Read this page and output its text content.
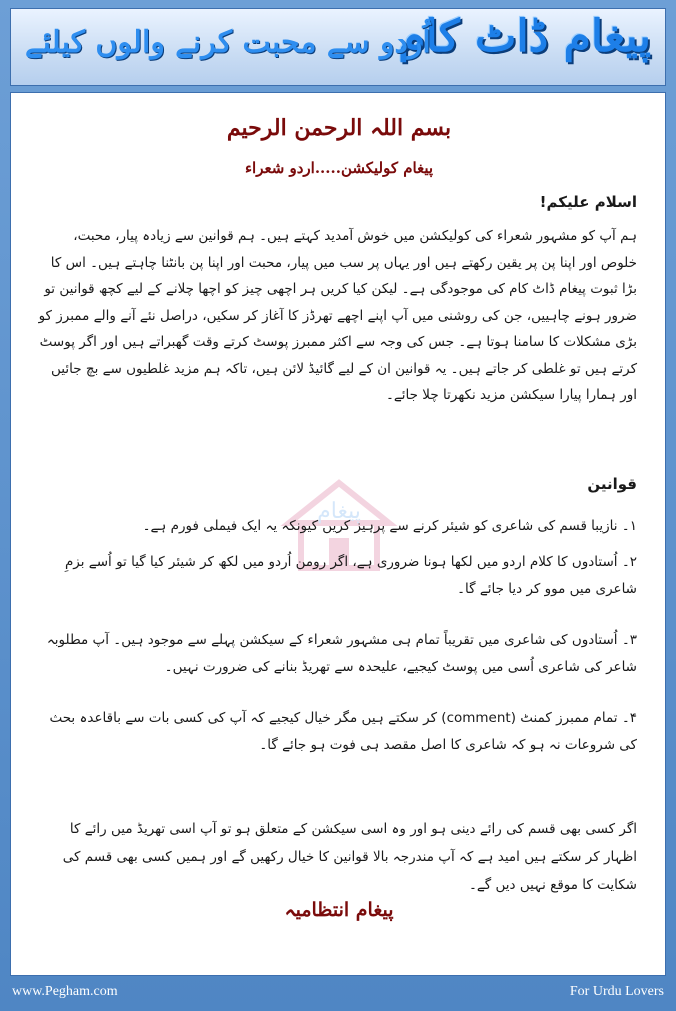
پیغام ڈاٹ کام
اُردو سے محبت کرنے والوں کیلئے
پیغام
بسم اللہ الرحمن الرحیم
پیغام کولیکشن.....اردو شعراء
اسلام علیکم!
ہم آپ کو مشہور شعراء کی کولیکشن میں خوش آمدید کہتے ہیں۔ ہم قوانین سے زیادہ پیار، محبت، خلوص اور اپنا پن پر یقین رکھتے ہیں اور یہاں پر سب میں پیار، محبت اور اپنا پن بانٹنا چاہتے ہیں۔ اس کا بڑا ثبوت پیغام ڈاٹ کام کی موجودگی ہے۔ لیکن کیا کریں ہر اچھی چیز کو اچھا چلانے کے لیے کچھ قوانین تو ضرور ہونے چاہییں، جن کی روشنی میں آپ اپنے اچھے تھرڈز کا آغاز کر سکیں، دراصل نئے آنے والے ممبرز کو بڑی مشکلات کا سامنا ہوتا ہے۔ جس کی وجہ سے اکثر ممبرز پوسٹ کرتے وقت گھبراتے ہیں اور اگر پوسٹ کرتے ہیں تو غلطی کر جاتے ہیں۔ یہ قوانین ان کے لیے گائیڈ لائن ہیں، تاکہ ہم مزید غلطیوں سے بچ جائیں اور ہمارا پیارا سیکشن مزید نکھرتا چلا جائے۔
قوانین
۱۔ نازیبا قسم کی شاعری کو شیئر کرنے سے پرہیز کریں کیونکہ یہ ایک فیملی فورم ہے۔
۲۔ اُستادوں کا کلام اردو میں لکھا ہونا ضروری ہے، اگر رومن اُردو میں لکھ کر شیئر کیا گیا تو اُسے بزمِ شاعری میں موو کر دیا جائے گا۔
۳۔ اُستادوں کی شاعری میں تقریباً تمام ہی مشہور شعراء کے سیکشن پہلے سے موجود ہیں۔ آپ مطلوبہ شاعر کی شاعری اُسی میں پوسٹ کیجیے، علیحدہ سے تھریڈ بنانے کی ضرورت نہیں۔
۴۔ تمام ممبرز کمنٹ (comment) کر سکتے ہیں مگر خیال کیجیے کہ آپ کی کسی بات سے باقاعدہ بحث کی شروعات نہ ہو کہ شاعری کا اصل مقصد ہی فوت ہو جائے گا۔
اگر کسی بھی قسم کی رائے دینی ہو اور وہ اسی سیکشن کے متعلق ہو تو آپ اسی تھریڈ میں رائے کا اظہار کر سکتے ہیں امید ہے کہ آپ مندرجہ بالا قوانین کا خیال رکھیں گے اور ہمیں کسی بھی قسم کی شکایت کا موقع نہیں دیں گے۔
پیغام انتظامیہ
www.Pegham.com	For Urdu Lovers
